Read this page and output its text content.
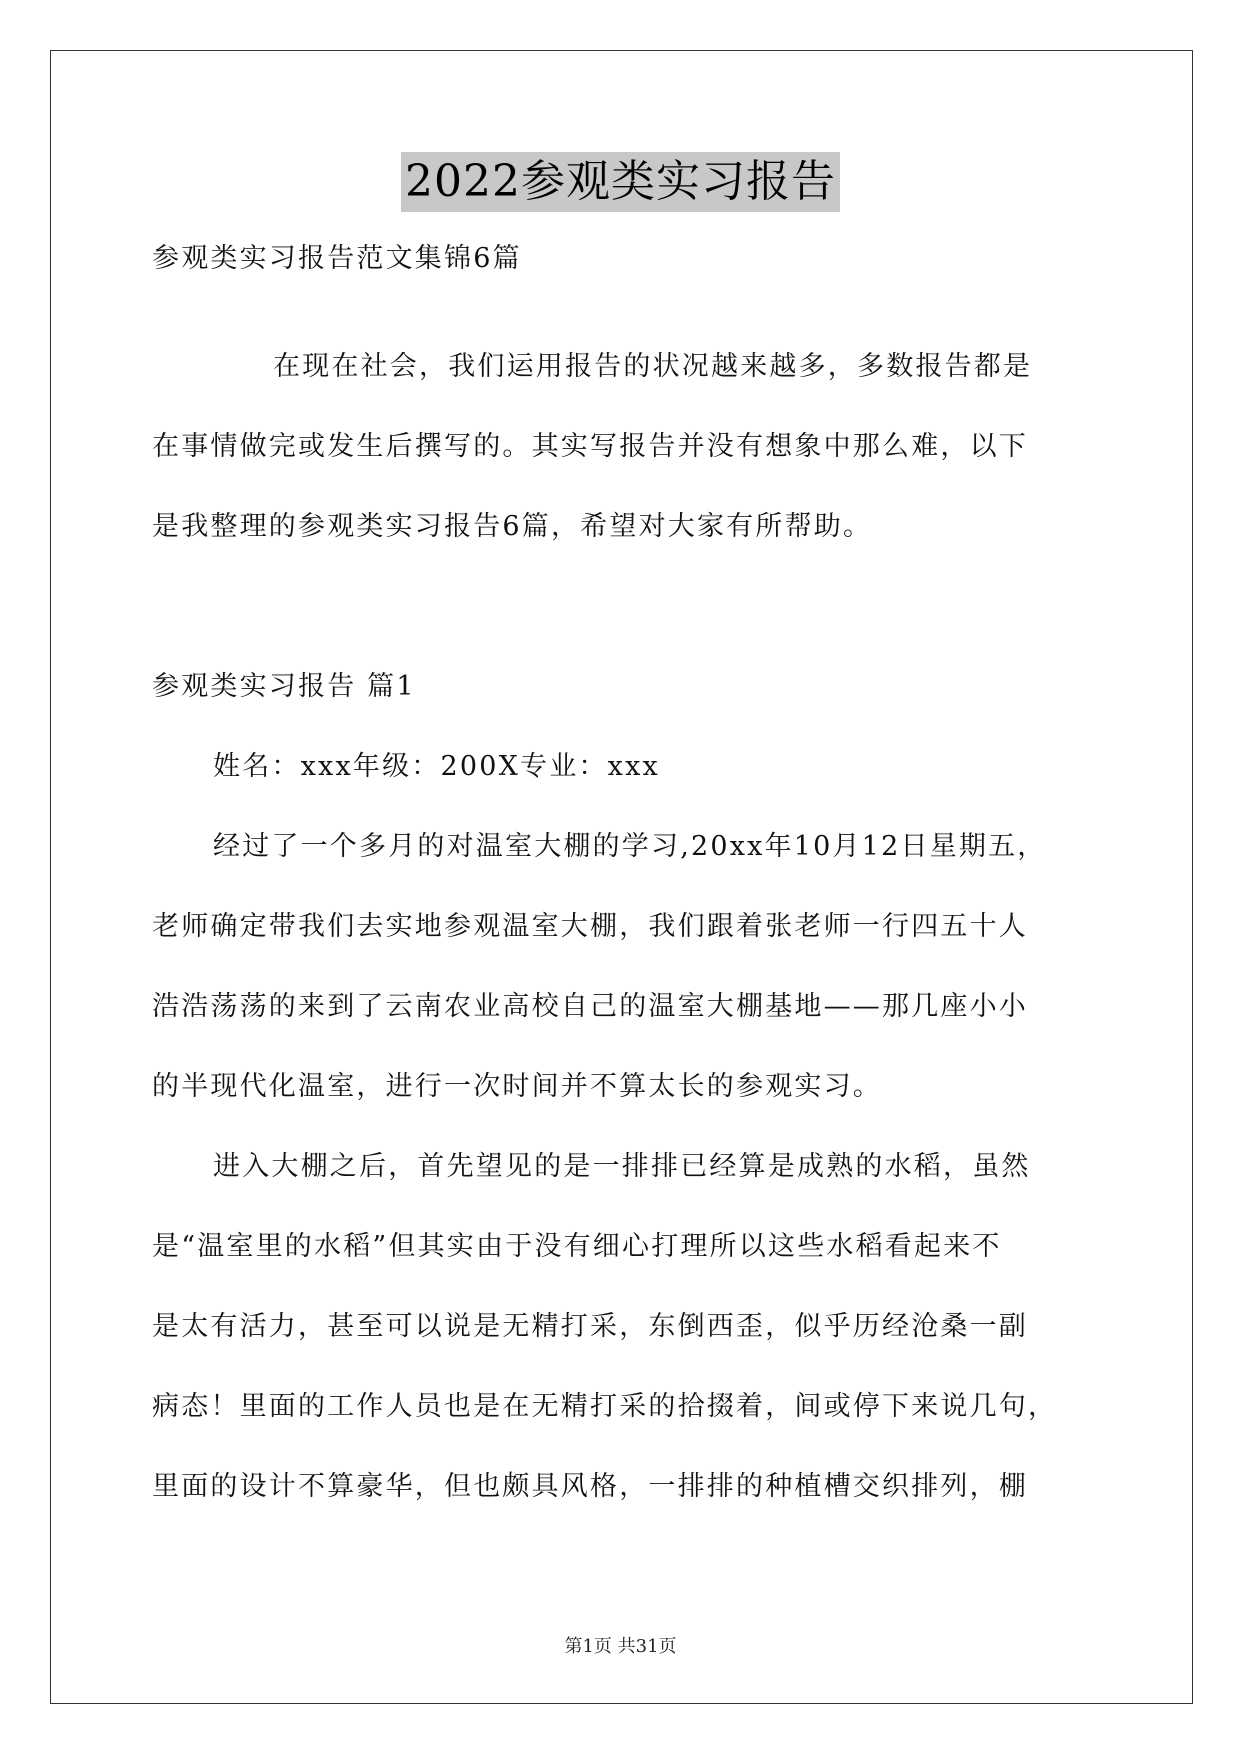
2022参观类实习报告
参观类实习报告范文集锦6篇
在现在社会，我们运用报告的状况越来越多，多数报告都是
在事情做完或发生后撰写的。其实写报告并没有想象中那么难，以下
是我整理的参观类实习报告6篇，希望对大家有所帮助。
参观类实习报告 篇1
姓名：xxx年级：200X专业：xxx
经过了一个多月的对温室大棚的学习,20xx年10月12日星期五，
老师确定带我们去实地参观温室大棚，我们跟着张老师一行四五十人
浩浩荡荡的来到了云南农业高校自己的温室大棚基地——那几座小小
的半现代化温室，进行一次时间并不算太长的参观实习。
进入大棚之后，首先望见的是一排排已经算是成熟的水稻，虽然
是“温室里的水稻”但其实由于没有细心打理所以这些水稻看起来不
是太有活力，甚至可以说是无精打采，东倒西歪，似乎历经沧桑一副
病态！里面的工作人员也是在无精打采的拾掇着，间或停下来说几句，
里面的设计不算豪华，但也颇具风格，一排排的种植槽交织排列，棚
第1页 共31页
